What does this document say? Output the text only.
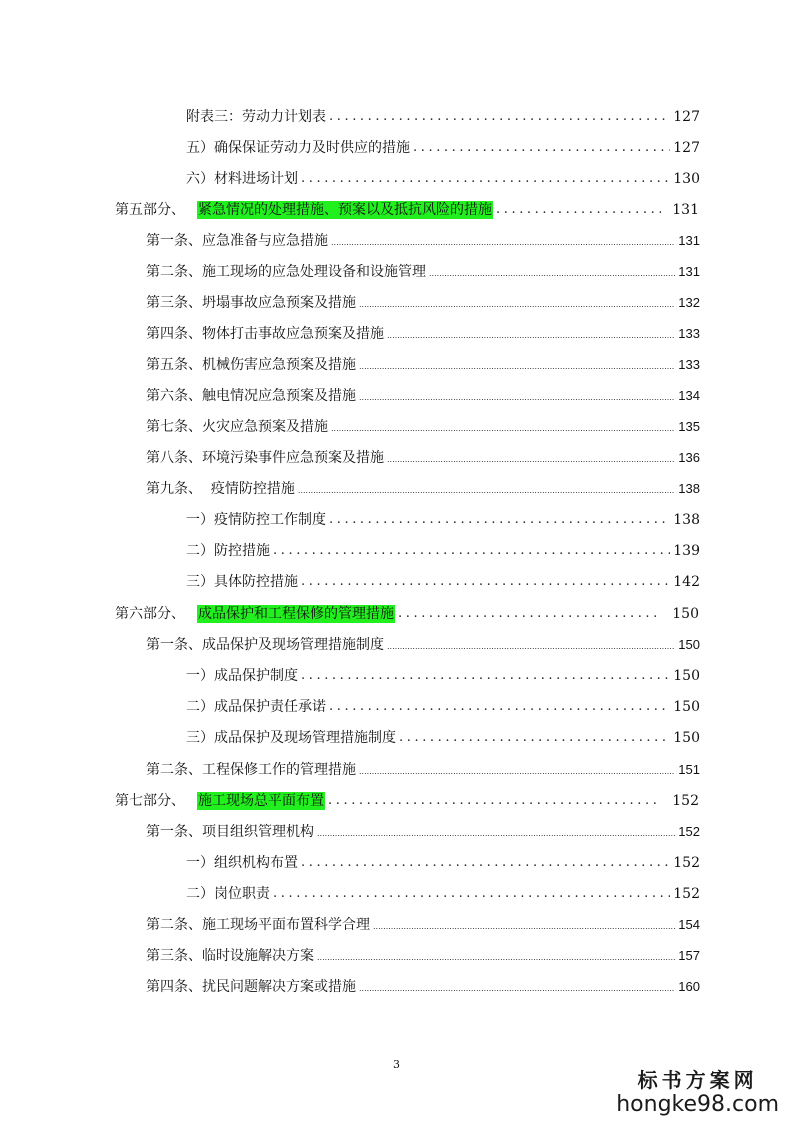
附表三：劳动力计划表 .....	127
五）确保保证劳动力及时供应的措施 .....	127
六）材料进场计划 .....	130
第五部分、 紧急情况的处理措施、预案以及抵抗风险的措施 .....	131
第一条、应急准备与应急措施 .....	131
第二条、施工现场的应急处理设备和设施管理 .....	131
第三条、坍塌事故应急预案及措施 .....	132
第四条、物体打击事故应急预案及措施 .....	133
第五条、机械伤害应急预案及措施 .....	133
第六条、触电情况应急预案及措施 .....	134
第七条、火灾应急预案及措施 .....	135
第八条、环境污染事件应急预案及措施 .....	136
第九条、  疫情防控措施 .....	138
一）疫情防控工作制度 .....	138
二）防控措施 .....	139
三）具体防控措施 .....	142
第六部分、 成品保护和工程保修的管理措施 .....	150
第一条、成品保护及现场管理措施制度 .....	150
一）成品保护制度 .....	150
二）成品保护责任承诺 .....	150
三）成品保护及现场管理措施制度 .....	150
第二条、工程保修工作的管理措施 .....	151
第七部分、 施工现场总平面布置 .....	152
第一条、项目组织管理机构 .....	152
一）组织机构布置 .....	152
二）岗位职责 .....	152
第二条、施工现场平面布置科学合理 .....	154
第三条、临时设施解决方案 .....	157
第四条、扰民问题解决方案或措施 .....	160
3
标书方案网
hongke98.com
